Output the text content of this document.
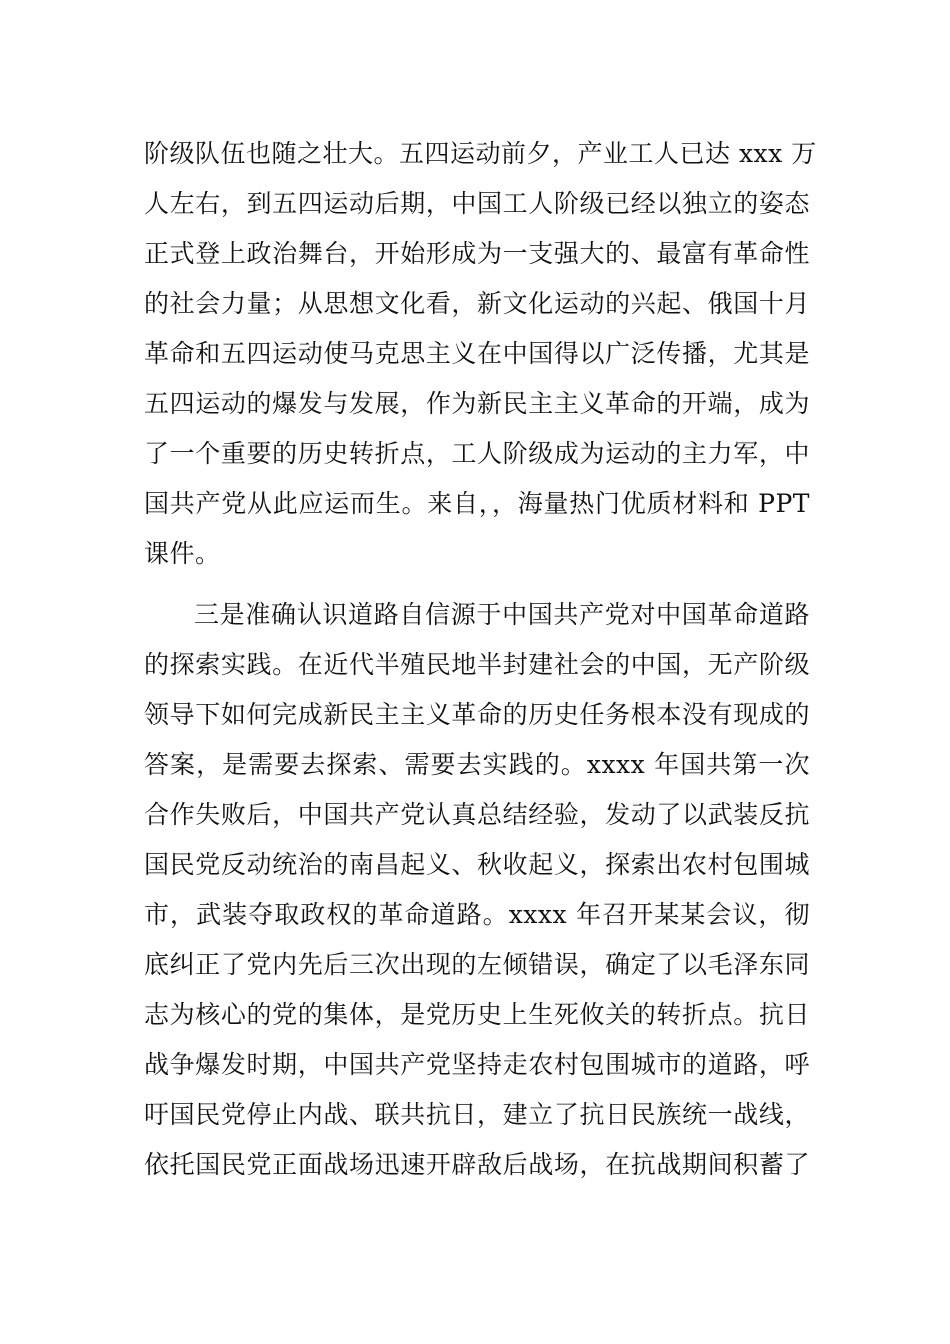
阶级队伍也随之壮大。五四运动前夕，产业工人已达 xxx 万
人左右，到五四运动后期，中国工人阶级已经以独立的姿态
正式登上政治舞台，开始形成为一支强大的、最富有革命性
的社会力量；从思想文化看，新文化运动的兴起、俄国十月
革命和五四运动使马克思主义在中国得以广泛传播，尤其是
五四运动的爆发与发展，作为新民主主义革命的开端，成为
了一个重要的历史转折点，工人阶级成为运动的主力军，中
国共产党从此应运而生。来自，，海量热门优质材料和 PPT
课件。
三是准确认识道路自信源于中国共产党对中国革命道路
的探索实践。在近代半殖民地半封建社会的中国，无产阶级
领导下如何完成新民主主义革命的历史任务根本没有现成的
答案，是需要去探索、需要去实践的。xxxx 年国共第一次
合作失败后，中国共产党认真总结经验，发动了以武装反抗
国民党反动统治的南昌起义、秋收起义，探索出农村包围城
市，武装夺取政权的革命道路。xxxx 年召开某某会议，彻
底纠正了党内先后三次出现的左倾错误，确定了以毛泽东同
志为核心的党的集体，是党历史上生死攸关的转折点。抗日
战争爆发时期，中国共产党坚持走农村包围城市的道路，呼
吁国民党停止内战、联共抗日，建立了抗日民族统一战线，
依托国民党正面战场迅速开辟敌后战场，在抗战期间积蓄了
